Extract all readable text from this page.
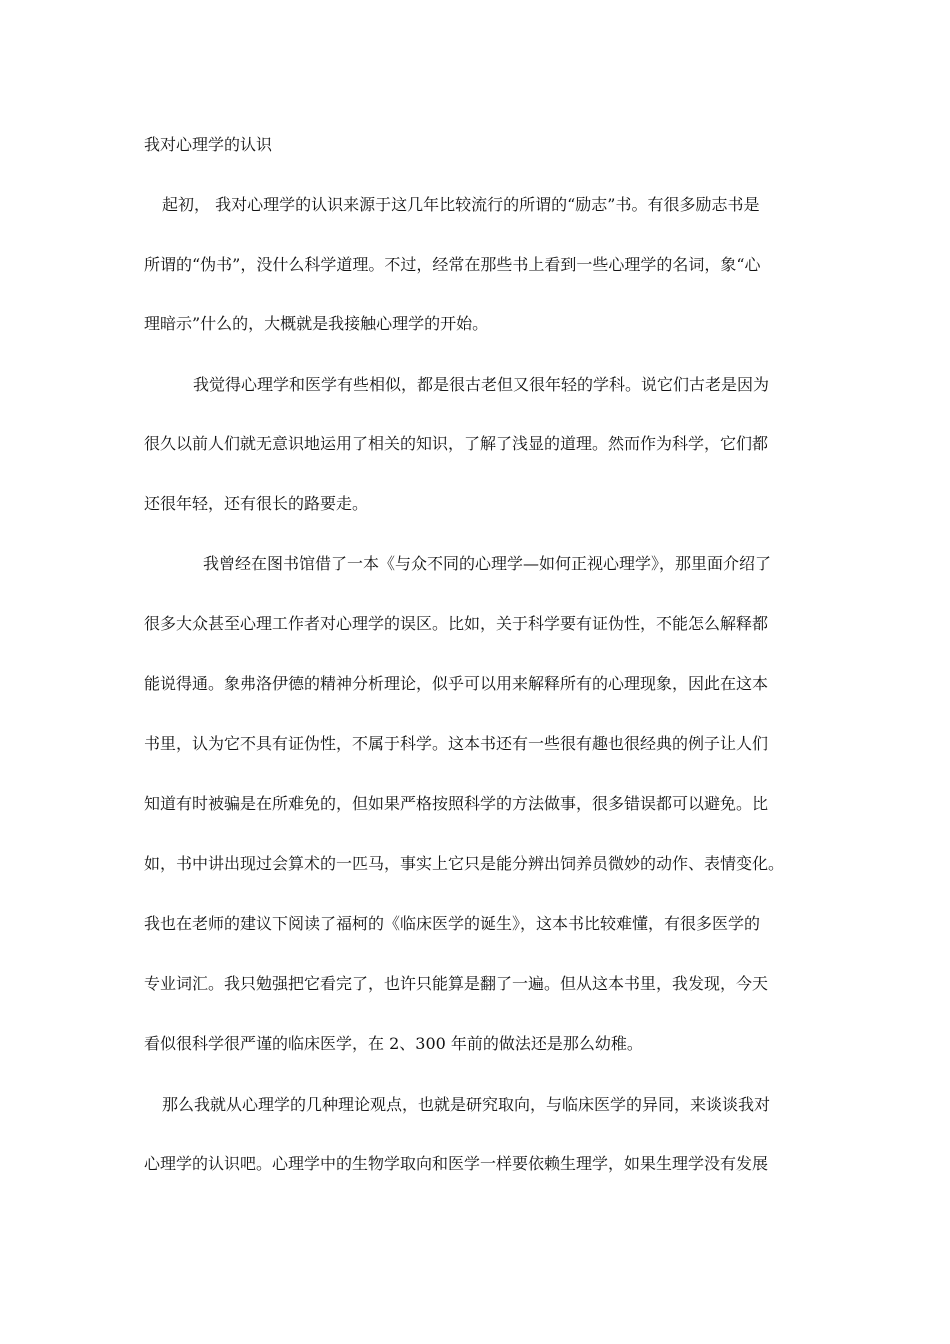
我对心理学的认识
起初， 我对心理学的认识来源于这几年比较流行的所谓的“励志”书。有很多励志书是
所谓的“伪书”，没什么科学道理。不过，经常在那些书上看到一些心理学的名词，象“心
理暗示”什么的，大概就是我接触心理学的开始。
我觉得心理学和医学有些相似，都是很古老但又很年轻的学科。说它们古老是因为
很久以前人们就无意识地运用了相关的知识，了解了浅显的道理。然而作为科学，它们都
还很年轻，还有很长的路要走。
我曾经在图书馆借了一本《与众不同的心理学—如何正视心理学》，那里面介绍了
很多大众甚至心理工作者对心理学的误区。比如，关于科学要有证伪性，不能怎么解释都
能说得通。象弗洛伊德的精神分析理论，似乎可以用来解释所有的心理现象，因此在这本
书里，认为它不具有证伪性，不属于科学。这本书还有一些很有趣也很经典的例子让人们
知道有时被骗是在所难免的，但如果严格按照科学的方法做事，很多错误都可以避免。比
如，书中讲出现过会算术的一匹马，事实上它只是能分辨出饲养员微妙的动作、表情变化。
我也在老师的建议下阅读了福柯的《临床医学的诞生》，这本书比较难懂，有很多医学的
专业词汇。我只勉强把它看完了，也许只能算是翻了一遍。但从这本书里，我发现，今天
看似很科学很严谨的临床医学，在 2、300 年前的做法还是那么幼稚。
那么我就从心理学的几种理论观点，也就是研究取向，与临床医学的异同，来谈谈我对
心理学的认识吧。心理学中的生物学取向和医学一样要依赖生理学，如果生理学没有发展
